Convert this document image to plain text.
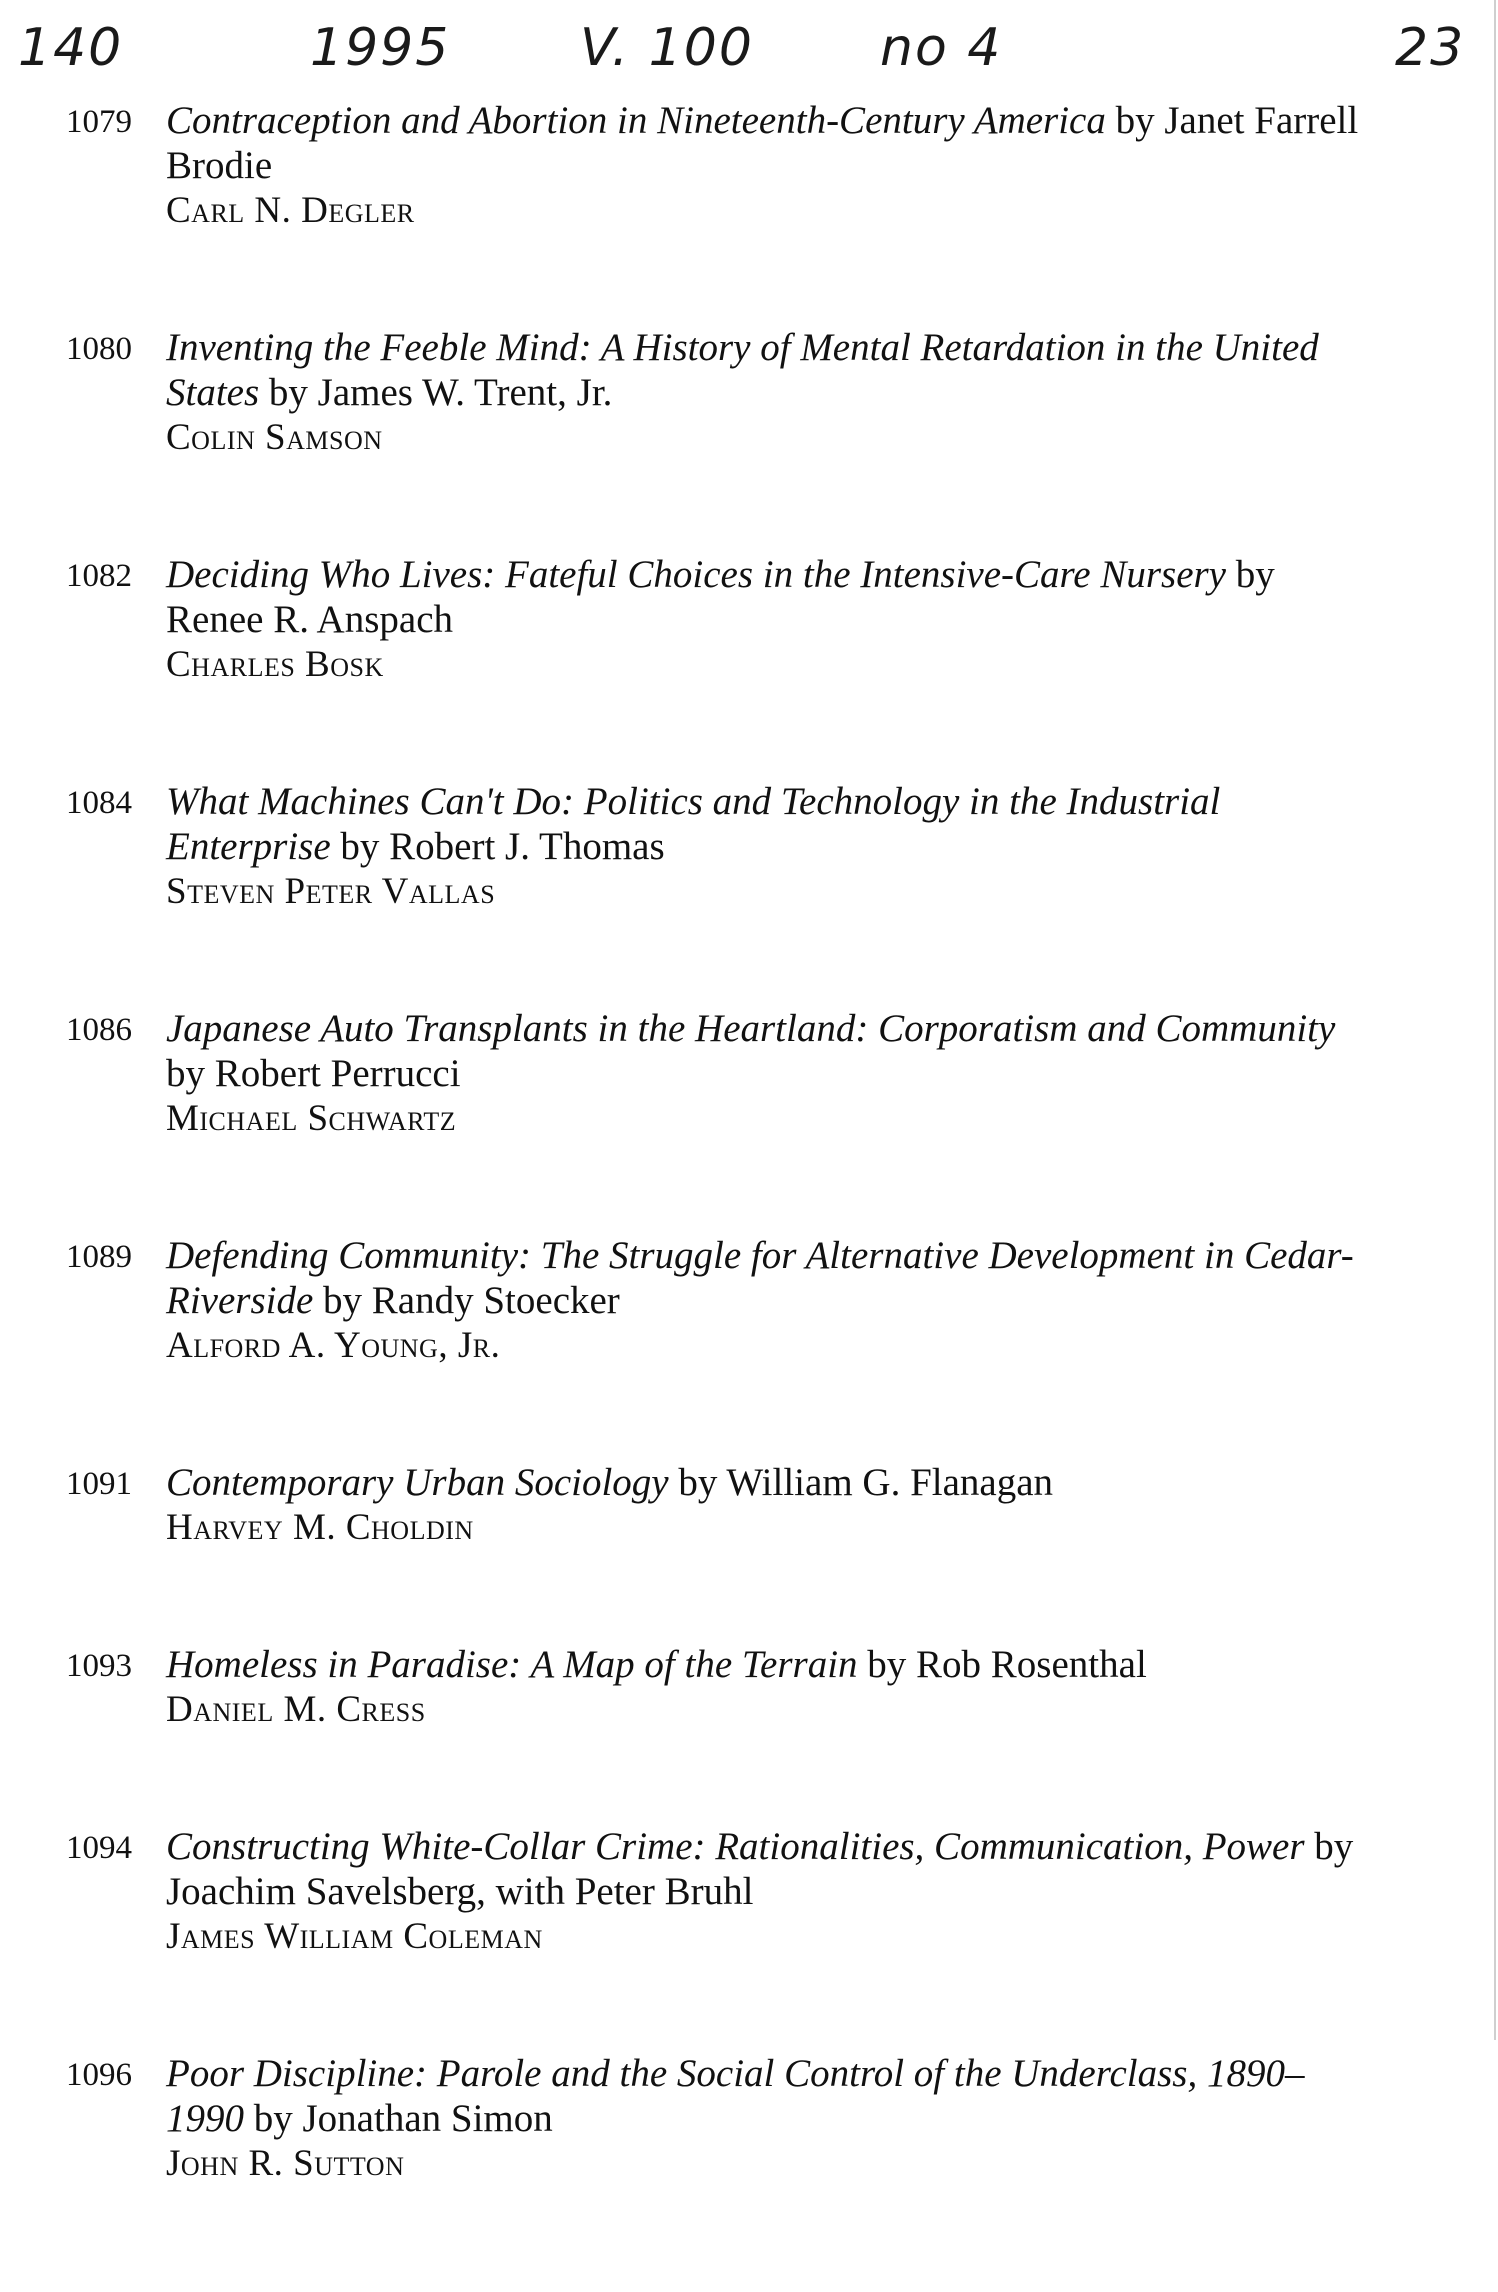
140	1995 V. 100 no 4	23
1079 Contraception and Abortion in Nineteenth-Century America by Janet Farrell Brodie
Carl N. Degler
1080 Inventing the Feeble Mind: A History of Mental Retardation in the United States by James W. Trent, Jr.
Colin Samson
1082 Deciding Who Lives: Fateful Choices in the Intensive-Care Nursery by Renee R. Anspach
Charles Bosk
1084 What Machines Can't Do: Politics and Technology in the Industrial Enterprise by Robert J. Thomas
Steven Peter Vallas
1086 Japanese Auto Transplants in the Heartland: Corporatism and Community by Robert Perrucci
Michael Schwartz
1089 Defending Community: The Struggle for Alternative Development in Cedar-Riverside by Randy Stoecker
Alford A. Young, Jr.
1091 Contemporary Urban Sociology by William G. Flanagan
Harvey M. Choldin
1093 Homeless in Paradise: A Map of the Terrain by Rob Rosenthal
Daniel M. Cress
1094 Constructing White-Collar Crime: Rationalities, Communication, Power by Joachim Savelsberg, with Peter Bruhl
James William Coleman
1096 Poor Discipline: Parole and the Social Control of the Underclass, 1890–1990 by Jonathan Simon
John R. Sutton
